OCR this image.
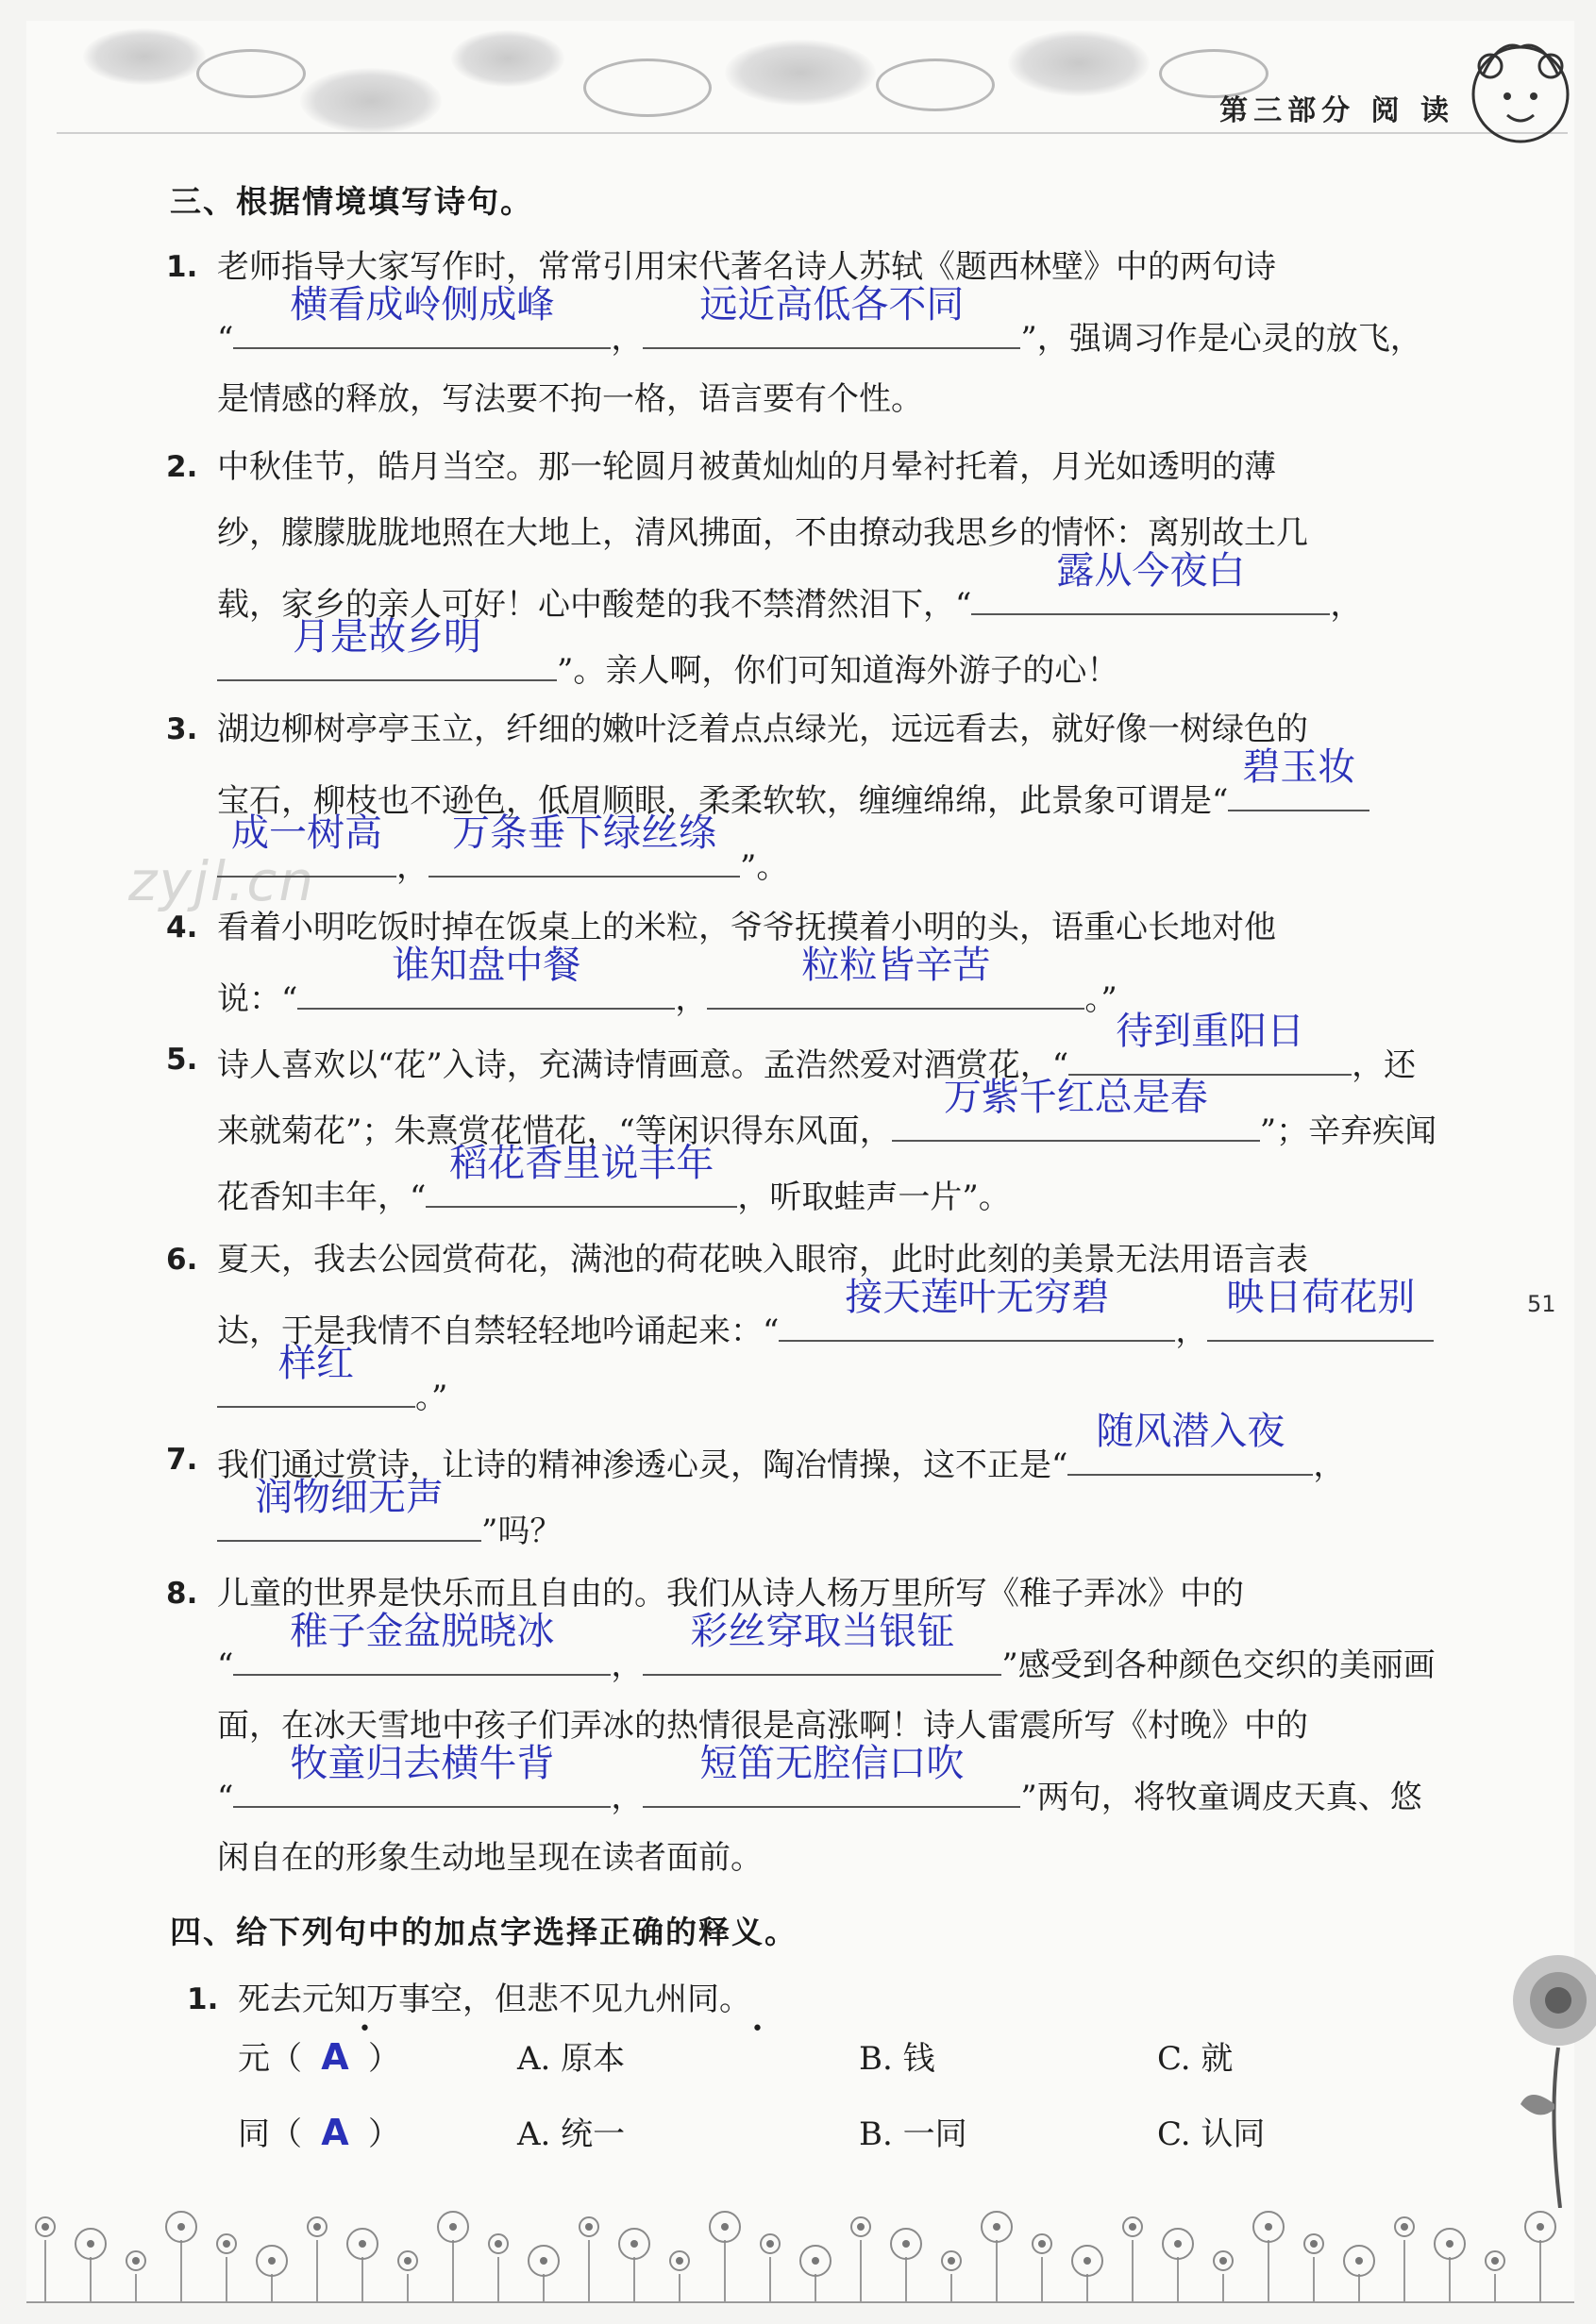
第三部分 阅 读
zyjl.cn
51
三、根据情境填写诗句。
1. 老师指导大家写作时，常常引用宋代著名诗人苏轼《题西林壁》中的两句诗
“
横看成岭侧成峰
，
远近高低各不同
”，强调习作是心灵的放飞，
是情感的释放，写法要不拘一格，语言要有个性。
2. 中秋佳节，皓月当空。那一轮圆月被黄灿灿的月晕衬托着，月光如透明的薄
纱，朦朦胧胧地照在大地上，清风拂面，不由撩动我思乡的情怀：离别故土几
载，家乡的亲人可好！心中酸楚的我不禁潸然泪下，“
露从今夜白
，
月是故乡明
”。亲人啊，你们可知道海外游子的心！
3. 湖边柳树亭亭玉立，纤细的嫩叶泛着点点绿光，远远看去，就好像一树绿色的
宝石，柳枝也不逊色，低眉顺眼，柔柔软软，缠缠绵绵，此景象可谓是“
碧玉妆
成一树高
，
万条垂下绿丝绦
”。
4. 看着小明吃饭时掉在饭桌上的米粒，爷爷抚摸着小明的头，语重心长地对他
说：“
谁知盘中餐
，
粒粒皆辛苦
。”
5. 诗人喜欢以“花”入诗，充满诗情画意。孟浩然爱对酒赏花，“
待到重阳日
，还
来就菊花”；朱熹赏花惜花，“等闲识得东风面，
万紫千红总是春
”；辛弃疾闻
花香知丰年，“
稻花香里说丰年
，听取蛙声一片”。
6. 夏天，我去公园赏荷花，满池的荷花映入眼帘，此时此刻的美景无法用语言表
达，于是我情不自禁轻轻地吟诵起来：“
接天莲叶无穷碧
，
映日荷花别
样红
。”
7. 我们通过赏诗，让诗的精神渗透心灵，陶冶情操，这不正是“
随风潜入夜
，
润物细无声
”吗？
8. 儿童的世界是快乐而且自由的。我们从诗人杨万里所写《稚子弄冰》中的
“
稚子金盆脱晓冰
，
彩丝穿取当银钲
”感受到各种颜色交织的美丽画
面，在冰天雪地中孩子们弄冰的热情很是高涨啊！诗人雷震所写《村晚》中的
“
牧童归去横牛背
，
短笛无腔信口吹
”两句，将牧童调皮天真、悠
闲自在的形象生动地呈现在读者面前。
四、给下列句中的加点字选择正确的释义。
1. 死去元知万事空，但悲不见九州同。
•	•
元（ A ）	A. 原本	B. 钱	C. 就
同（ A ）	A. 统一	B. 一同	C. 认同
